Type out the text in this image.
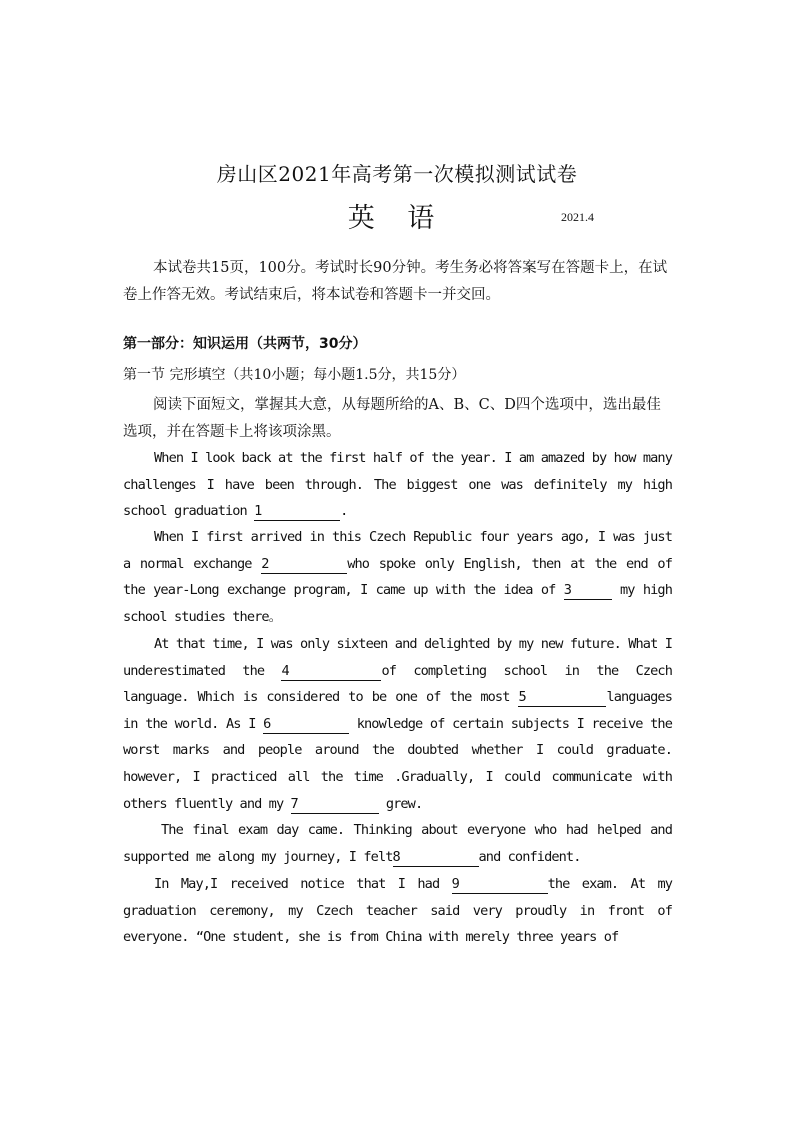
房山区2021年高考第一次模拟测试试卷
英 语	2021.4
本试卷共15页，100分。考试时长90分钟。考生务必将答案写在答题卡上，在试卷上作答无效。考试结束后，将本试卷和答题卡一并交回。
第一部分：知识运用（共两节，30分）
第一节 完形填空（共10小题；每小题1.5分，共15分）
阅读下面短文，掌握其大意，从每题所给的A、B、C、D四个选项中，选出最佳选项，并在答题卡上将该项涂黑。
When I look back at the first half of the year. I am amazed by how many challenges I have been through. The biggest one was definitely my high school graduation 1	.
When I first arrived in this Czech Republic four years ago, I was just a normal exchange 2	who spoke only English, then at the end of the year-Long exchange program, I came up with the idea of 3	my high school studies there。
At that time, I was only sixteen and delighted by my new future. What I underestimated the 4	of completing school in the Czech language. Which is considered to be one of the most 5	languages in the world. As I 6	knowledge of certain subjects I receive the worst marks and people around the doubted whether I could graduate. however, I practiced all the time .Gradually, I could communicate with others fluently and my 7	grew.
The final exam day came. Thinking about everyone who had helped and supported me along my journey, I felt8	and confident.
In May,I received notice that I had 9	the exam. At my graduation ceremony, my Czech teacher said very proudly in front of everyone. “One student, she is from China with merely three years of
